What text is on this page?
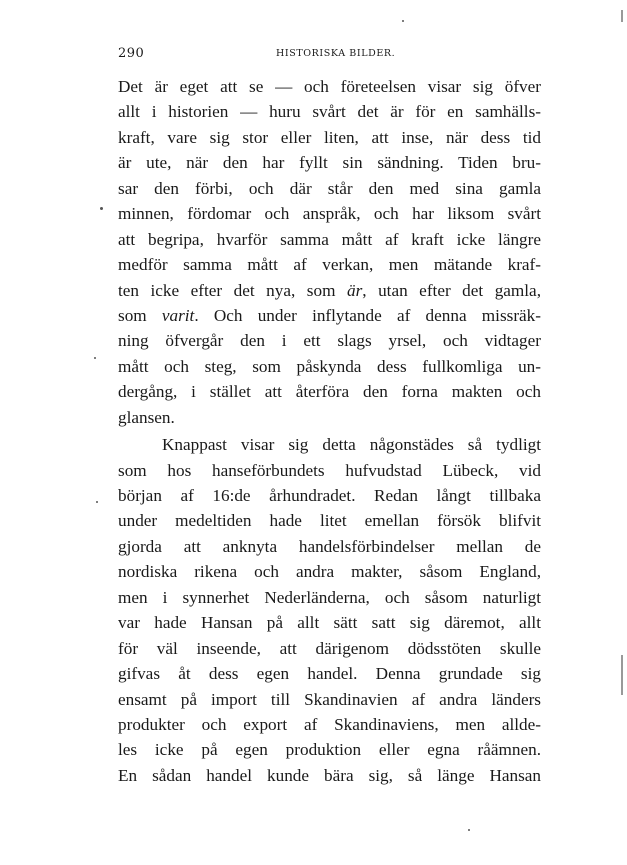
290	HISTORISKA BILDER.
Det är eget att se — och företeelsen visar sig öfver
allt i historien — huru svårt det är för en samhälls-
kraft, vare sig stor eller liten, att inse, när dess tid
är ute, när den har fyllt sin sändning. Tiden bru-
sar den förbi, och där står den med sina gamla
minnen, fördomar och anspråk, och har liksom svårt
att begripa, hvarför samma mått af kraft icke längre
medför samma mått af verkan, men mätande kraf-
ten icke efter det nya, som är, utan efter det gamla,
som varit. Och under inflytande af denna missräk-
ning öfvergår den i ett slags yrsel, och vidtager
mått och steg, som påskynda dess fullkomliga un-
dergång, i stället att återföra den forna makten och
glansen.
Knappast visar sig detta någonstädes så tydligt
som hos hanseförbundets hufvudstad Lübeck, vid
början af 16:de århundradet. Redan långt tillbaka
under medeltiden hade litet emellan försök blifvit
gjorda att anknyta handelsförbindelser mellan de
nordiska rikena och andra makter, såsom England,
men i synnerhet Nederländerna, och såsom naturligt
var hade Hansan på allt sätt satt sig däremot, allt
för väl inseende, att därigenom dödsstöten skulle
gifvas åt dess egen handel. Denna grundade sig
ensamt på import till Skandinavien af andra länders
produkter och export af Skandinaviens, men allde-
les icke på egen produktion eller egna råämnen.
En sådan handel kunde bära sig, så länge Hansan
